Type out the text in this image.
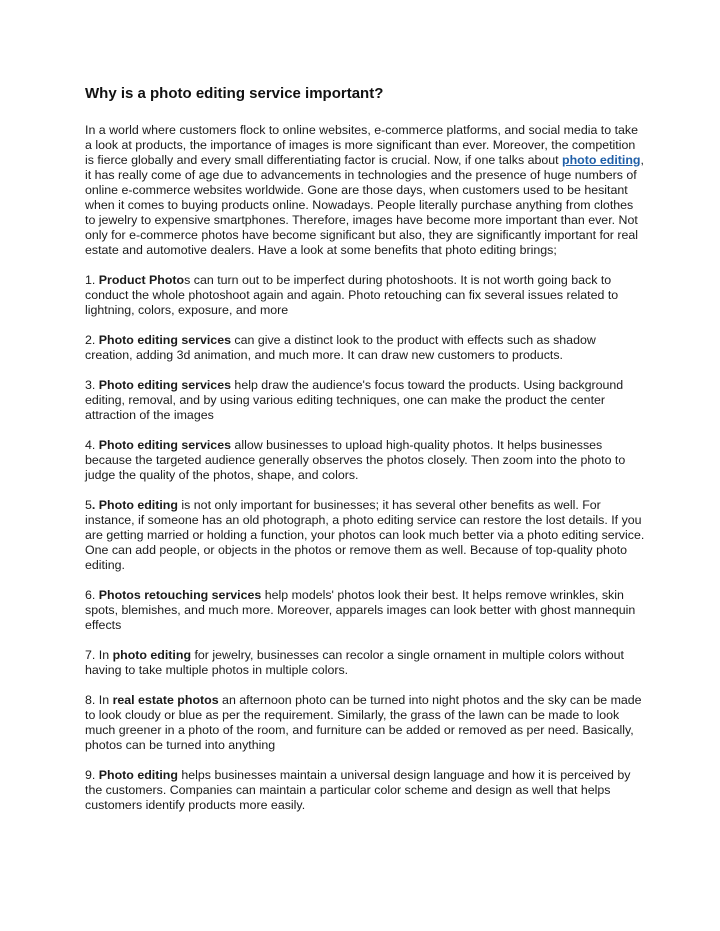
Why is a photo editing service important?

In a world where customers flock to online websites, e-commerce platforms, and social media to take a look at products, the importance of images is more significant than ever. Moreover, the competition is fierce globally and every small differentiating factor is crucial. Now, if one talks about photo editing, it has really come of age due to advancements in technologies and the presence of huge numbers of online e-commerce websites worldwide. Gone are those days, when customers used to be hesitant when it comes to buying products online. Nowadays. People literally purchase anything from clothes to jewelry to expensive smartphones. Therefore, images have become more important than ever. Not only for e-commerce photos have become significant but also, they are significantly important for real estate and automotive dealers. Have a look at some benefits that photo editing brings;

1. Product Photos can turn out to be imperfect during photoshoots. It is not worth going back to conduct the whole photoshoot again and again. Photo retouching can fix several issues related to lightning, colors, exposure, and more

2. Photo editing services can give a distinct look to the product with effects such as shadow creation, adding 3d animation, and much more. It can draw new customers to products.

3. Photo editing services help draw the audience's focus toward the products. Using background editing, removal, and by using various editing techniques, one can make the product the center attraction of the images

4. Photo editing services allow businesses to upload high-quality photos. It helps businesses because the targeted audience generally observes the photos closely. Then zoom into the photo to judge the quality of the photos, shape, and colors.

5. Photo editing is not only important for businesses; it has several other benefits as well. For instance, if someone has an old photograph, a photo editing service can restore the lost details. If you are getting married or holding a function, your photos can look much better via a photo editing service. One can add people, or objects in the photos or remove them as well. Because of top-quality photo editing.

6. Photos retouching services help models' photos look their best. It helps remove wrinkles, skin spots, blemishes, and much more. Moreover, apparels images can look better with ghost mannequin effects

7. In photo editing for jewelry, businesses can recolor a single ornament in multiple colors without having to take multiple photos in multiple colors.

8. In real estate photos an afternoon photo can be turned into night photos and the sky can be made to look cloudy or blue as per the requirement. Similarly, the grass of the lawn can be made to look much greener in a photo of the room, and furniture can be added or removed as per need. Basically, photos can be turned into anything

9. Photo editing helps businesses maintain a universal design language and how it is perceived by the customers. Companies can maintain a particular color scheme and design as well that helps customers identify products more easily.
